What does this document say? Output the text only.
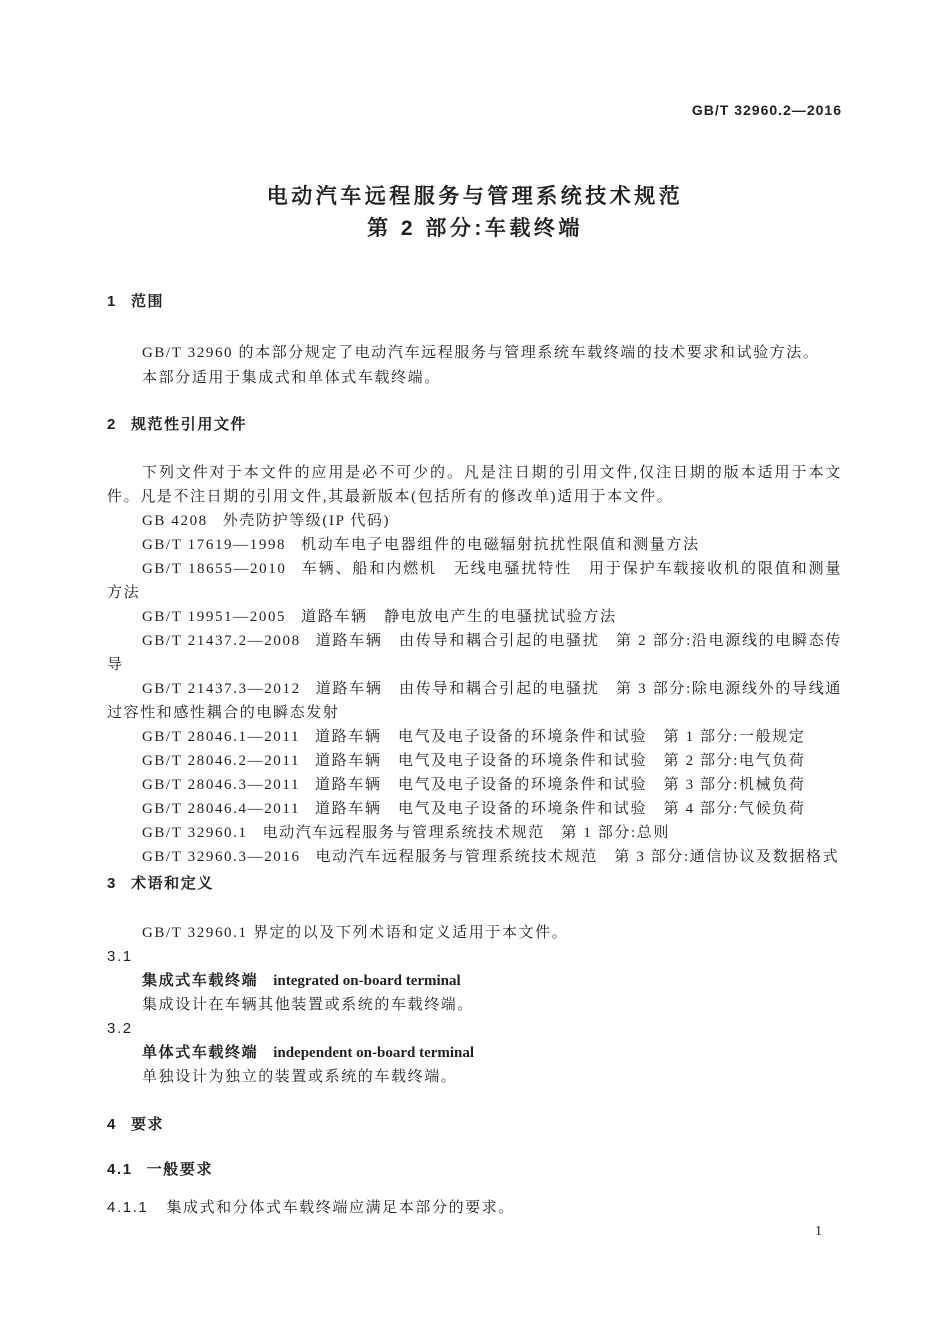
GB/T 32960.2—2016
电动汽车远程服务与管理系统技术规范
第 2 部分:车载终端
1 范围

GB/T 32960 的本部分规定了电动汽车远程服务与管理系统车载终端的技术要求和试验方法。

本部分适用于集成式和单体式车载终端。

2 规范性引用文件

下列文件对于本文件的应用是必不可少的。凡是注日期的引用文件,仅注日期的版本适用于本文件。凡是不注日期的引用文件,其最新版本(包括所有的修改单)适用于本文件。

GB 4208 外壳防护等级(IP 代码)

GB/T 17619—1998 机动车电子电器组件的电磁辐射抗扰性限值和测量方法

GB/T 18655—2010 车辆、船和内燃机　无线电骚扰特性　用于保护车载接收机的限值和测量方法

GB/T 19951—2005 道路车辆　静电放电产生的电骚扰试验方法

GB/T 21437.2—2008 道路车辆　由传导和耦合引起的电骚扰　第 2 部分:沿电源线的电瞬态传导

GB/T 21437.3—2012 道路车辆　由传导和耦合引起的电骚扰　第 3 部分:除电源线外的导线通过容性和感性耦合的电瞬态发射

GB/T 28046.1—2011 道路车辆　电气及电子设备的环境条件和试验　第 1 部分:一般规定

GB/T 28046.2—2011 道路车辆　电气及电子设备的环境条件和试验　第 2 部分:电气负荷

GB/T 28046.3—2011 道路车辆　电气及电子设备的环境条件和试验　第 3 部分:机械负荷

GB/T 28046.4—2011 道路车辆　电气及电子设备的环境条件和试验　第 4 部分:气候负荷

GB/T 32960.1 电动汽车远程服务与管理系统技术规范　第 1 部分:总则

GB/T 32960.3—2016 电动汽车远程服务与管理系统技术规范　第 3 部分:通信协议及数据格式

3 术语和定义

GB/T 32960.1 界定的以及下列术语和定义适用于本文件。

3.1

集成式车载终端 integrated on-board terminal

集成设计在车辆其他装置或系统的车载终端。

3.2

单体式车载终端 independent on-board terminal

单独设计为独立的装置或系统的车载终端。

4 要求
4.1 一般要求

4.1.1 集成式和分体式车载终端应满足本部分的要求。

1
